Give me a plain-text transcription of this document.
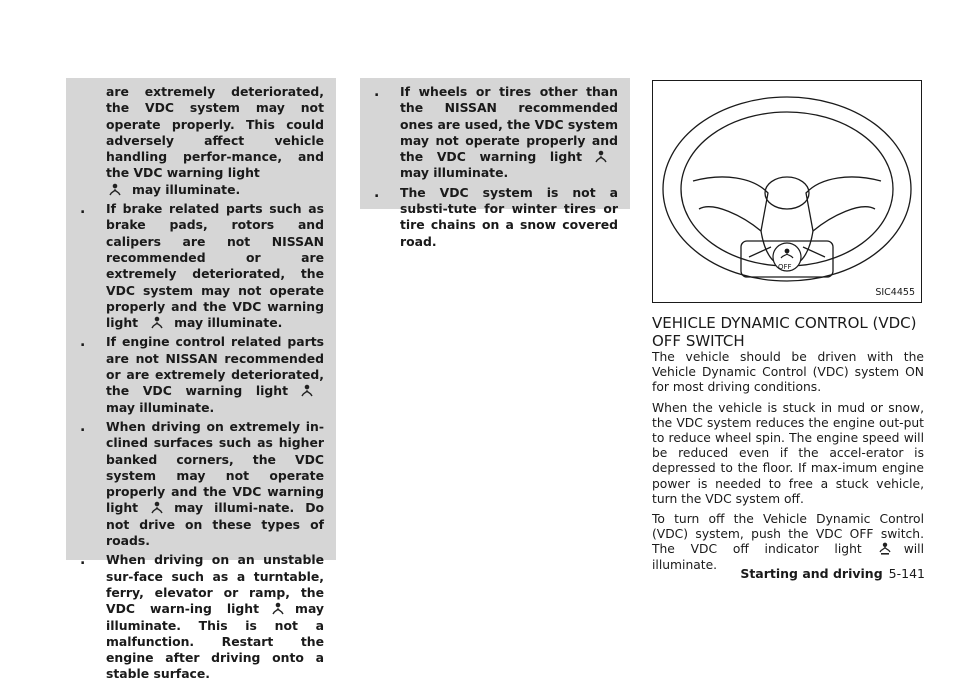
are extremely deteriorated, the VDC system may not operate properly. This could adversely affect vehicle handling perfor-mance, and the VDC warning light
may illuminate.

. If brake related parts such as brake pads, rotors and calipers are not NISSAN recommended or are extremely deteriorated, the VDC system may not operate properly and the VDC warning light	may illuminate.

. If engine control related parts are not NISSAN recommended or are extremely deteriorated, the VDC warning lightmay illuminate.

. When driving on extremely in-clined surfaces such as higher banked corners, the VDC system may not operate properly and the VDC warning light	may illumi-nate. Do not drive on these types of roads.

. When driving on an unstable sur-face such as a turntable, ferry, elevator or ramp, the VDC warn-ing light	may illuminate. This is not a malfunction. Restart the engine after driving onto a stable surface.

. If wheels or tires other than the NISSAN recommended ones are used, the VDC system may not operate properly and the VDC warning lightmay illuminate.

. The VDC system is not a substi-tute for winter tires or tire chains on a snow covered road.

OFF
SIC4455
VEHICLE DYNAMIC CONTROL (VDC)
OFF SWITCH

The vehicle should be driven with the Vehicle Dynamic Control (VDC) system ON for most driving conditions.

When the vehicle is stuck in mud or snow, the VDC system reduces the engine out-put to reduce wheel spin. The engine speed will be reduced even if the accel-erator is depressed to the floor. If max-imum engine power is needed to free a stuck vehicle, turn the VDC system off.

To turn off the Vehicle Dynamic Control (VDC) system, push the VDC OFF switch. The VDC off indicator light	will illuminate.

Starting and driving 5-141
